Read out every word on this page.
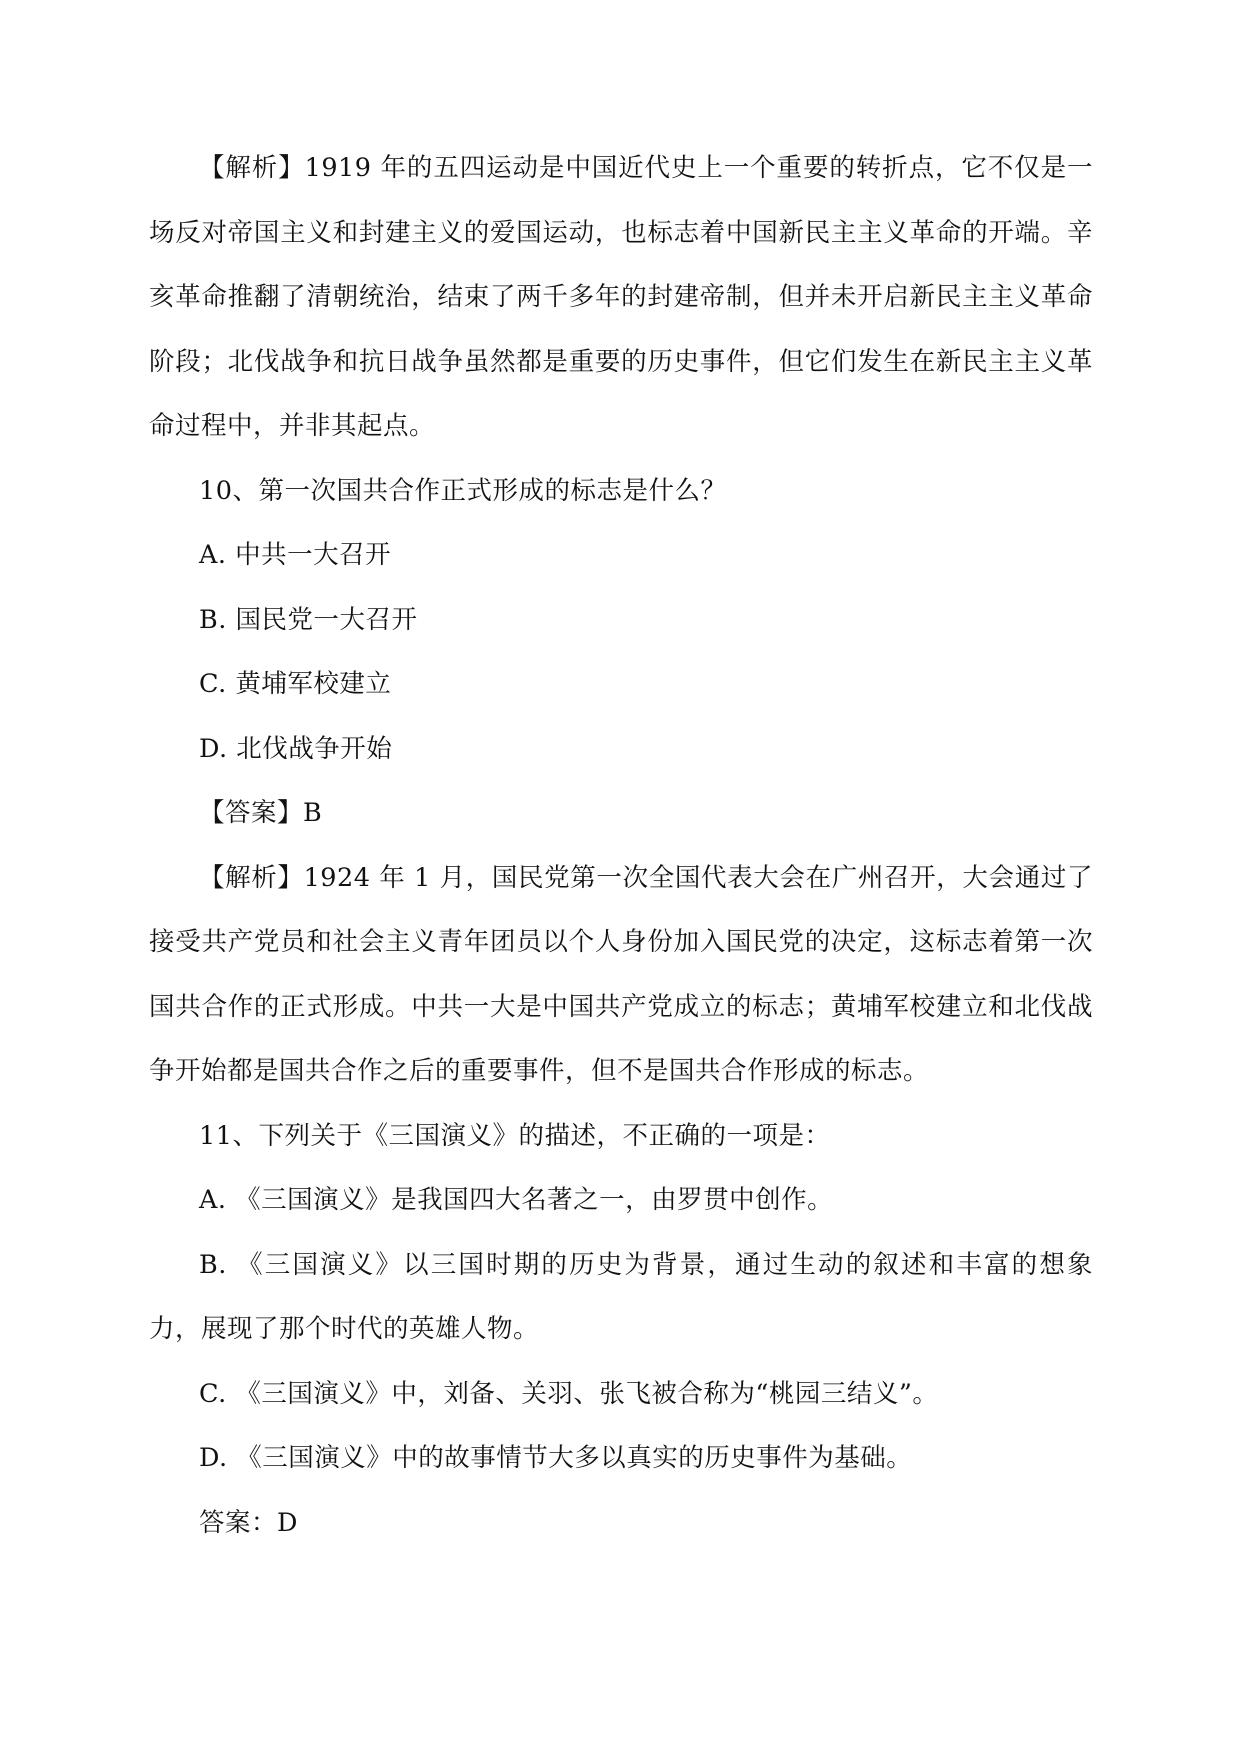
【解析】1919 年的五四运动是中国近代史上一个重要的转折点，它不仅是一场反对帝国主义和封建主义的爱国运动，也标志着中国新民主主义革命的开端。辛亥革命推翻了清朝统治，结束了两千多年的封建帝制，但并未开启新民主主义革命阶段；北伐战争和抗日战争虽然都是重要的历史事件，但它们发生在新民主主义革命过程中，并非其起点。

10、第一次国共合作正式形成的标志是什么？

A. 中共一大召开

B. 国民党一大召开

C. 黄埔军校建立

D. 北伐战争开始

【答案】B

【解析】1924 年 1 月，国民党第一次全国代表大会在广州召开，大会通过了接受共产党员和社会主义青年团员以个人身份加入国民党的决定，这标志着第一次国共合作的正式形成。中共一大是中国共产党成立的标志；黄埔军校建立和北伐战争开始都是国共合作之后的重要事件，但不是国共合作形成的标志。

11、下列关于《三国演义》的描述，不正确的一项是：

A. 《三国演义》是我国四大名著之一，由罗贯中创作。

B. 《三国演义》以三国时期的历史为背景，通过生动的叙述和丰富的想象力，展现了那个时代的英雄人物。

C. 《三国演义》中，刘备、关羽、张飞被合称为“桃园三结义”。

D. 《三国演义》中的故事情节大多以真实的历史事件为基础。

答案：D
